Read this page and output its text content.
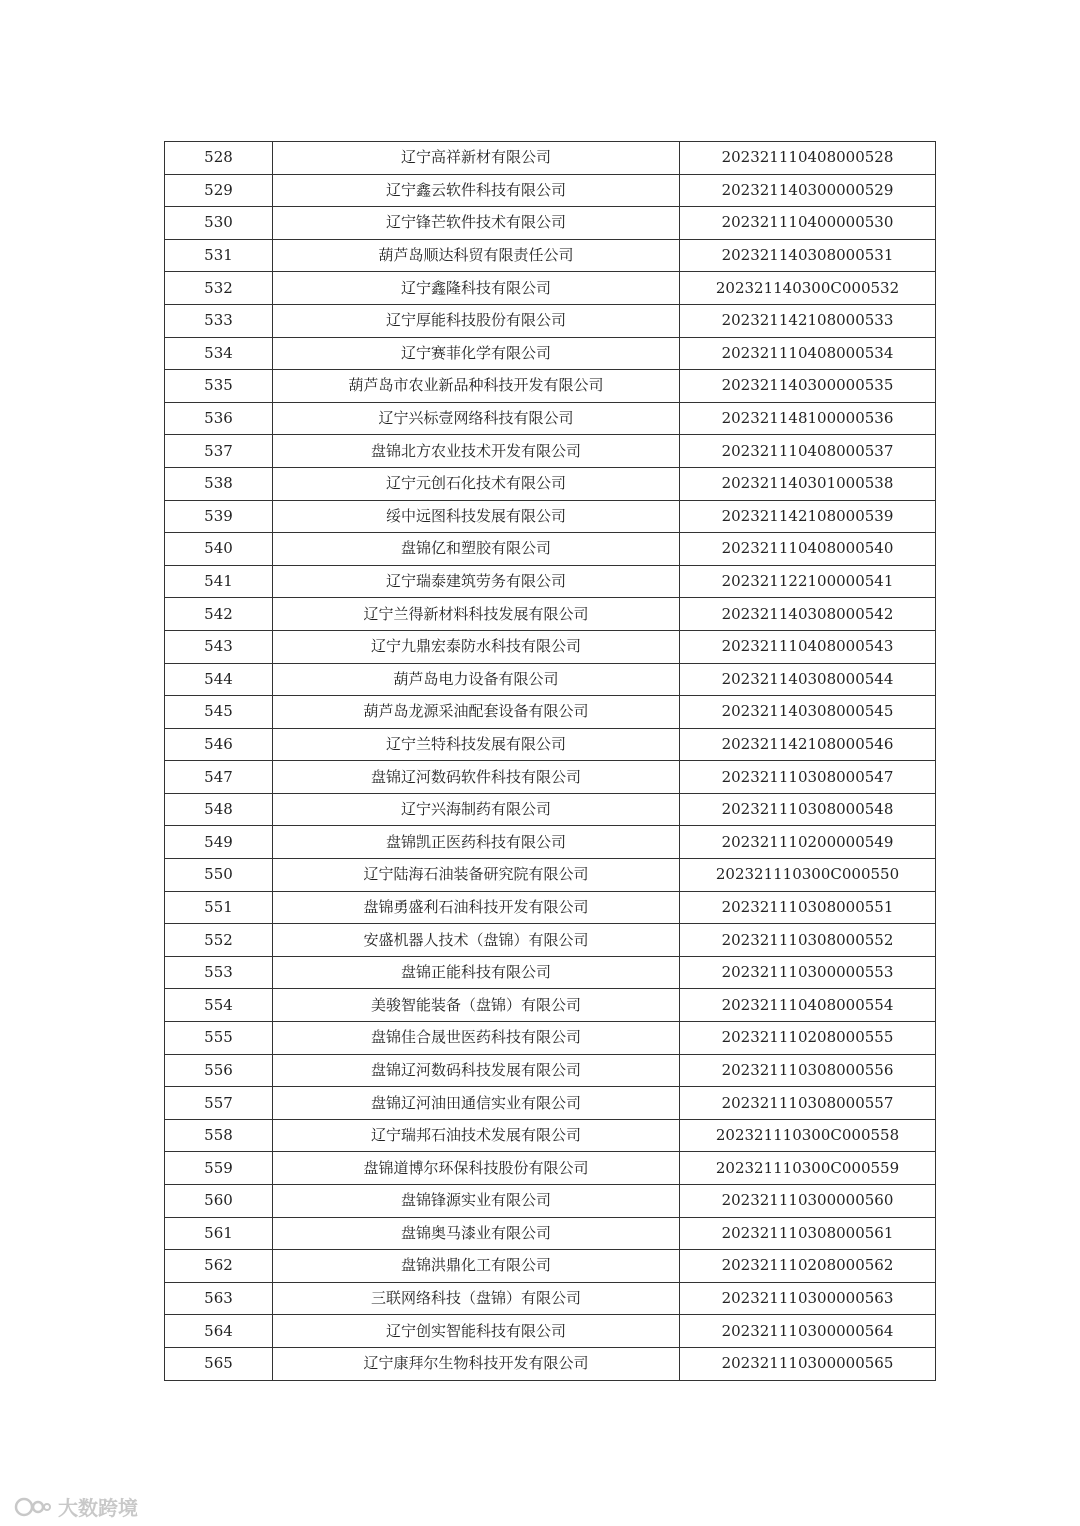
528	辽宁高祥新材有限公司	202321110408000528
529	辽宁鑫云软件科技有限公司	202321140300000529
530	辽宁锋芒软件技术有限公司	202321110400000530
531	葫芦岛顺达科贸有限责任公司	202321140308000531
532	辽宁鑫隆科技有限公司	202321140300C000532
533	辽宁厚能科技股份有限公司	202321142108000533
534	辽宁赛菲化学有限公司	202321110408000534
535	葫芦岛市农业新品种科技开发有限公司	202321140300000535
536	辽宁兴标壹网络科技有限公司	202321148100000536
537	盘锦北方农业技术开发有限公司	202321110408000537
538	辽宁元创石化技术有限公司	202321140301000538
539	绥中远图科技发展有限公司	202321142108000539
540	盘锦亿和塑胶有限公司	202321110408000540
541	辽宁瑞泰建筑劳务有限公司	202321122100000541
542	辽宁兰得新材料科技发展有限公司	202321140308000542
543	辽宁九鼎宏泰防水科技有限公司	202321110408000543
544	葫芦岛电力设备有限公司	202321140308000544
545	葫芦岛龙源采油配套设备有限公司	202321140308000545
546	辽宁兰特科技发展有限公司	202321142108000546
547	盘锦辽河数码软件科技有限公司	202321110308000547
548	辽宁兴海制药有限公司	202321110308000548
549	盘锦凯正医药科技有限公司	202321110200000549
550	辽宁陆海石油装备研究院有限公司	202321110300C000550
551	盘锦勇盛利石油科技开发有限公司	202321110308000551
552	安盛机器人技术（盘锦）有限公司	202321110308000552
553	盘锦正能科技有限公司	202321110300000553
554	美骏智能装备（盘锦）有限公司	202321110408000554
555	盘锦佳合晟世医药科技有限公司	202321110208000555
556	盘锦辽河数码科技发展有限公司	202321110308000556
557	盘锦辽河油田通信实业有限公司	202321110308000557
558	辽宁瑞邦石油技术发展有限公司	202321110300C000558
559	盘锦道博尔环保科技股份有限公司	202321110300C000559
560	盘锦锋源实业有限公司	202321110300000560
561	盘锦奥马漆业有限公司	202321110308000561
562	盘锦洪鼎化工有限公司	202321110208000562
563	三联网络科技（盘锦）有限公司	202321110300000563
564	辽宁创实智能科技有限公司	202321110300000564
565	辽宁康拜尔生物科技开发有限公司	202321110300000565
大数跨境
